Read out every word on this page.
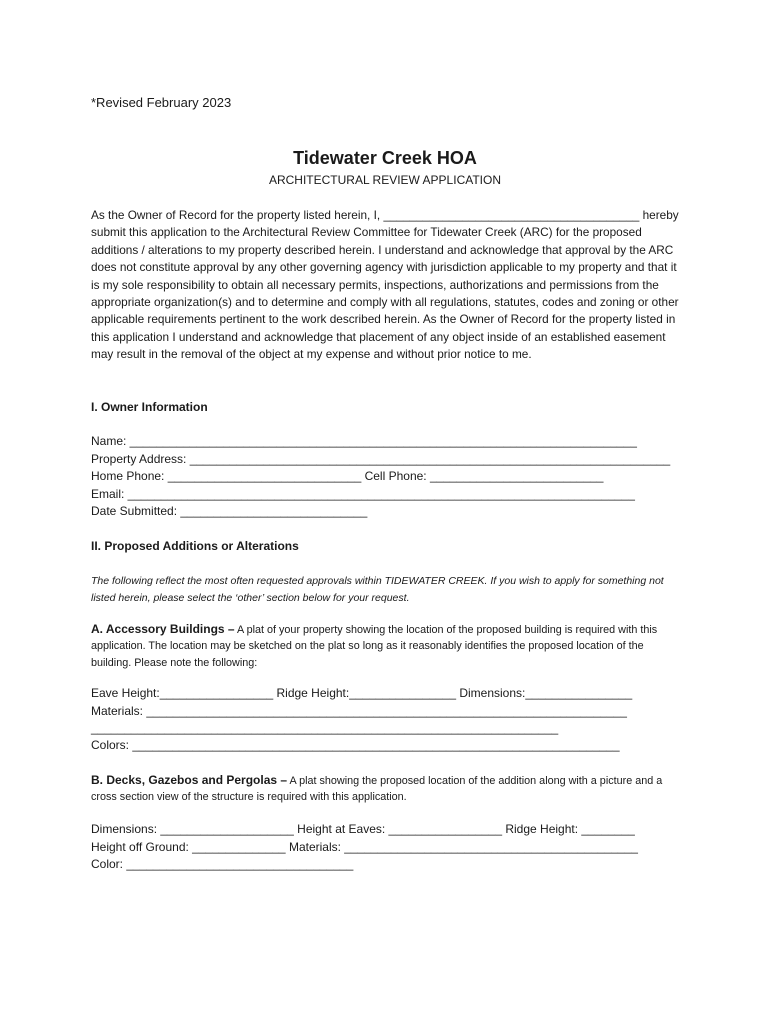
*Revised February 2023
Tidewater Creek HOA
ARCHITECTURAL REVIEW APPLICATION

As the Owner of Record for the property listed herein, I, _______________________________________ hereby submit this application to the Architectural Review Committee for Tidewater Creek (ARC) for the proposed additions / alterations to my property described herein. I understand and acknowledge that approval by the ARC does not constitute approval by any other governing agency with jurisdiction applicable to my property and that it is my sole responsibility to obtain all necessary permits, inspections, authorizations and permissions from the appropriate organization(s) and to determine and comply with all regulations, statutes, codes and zoning or other applicable requirements pertinent to the work described herein. As the Owner of Record for the property listed in this application I understand and acknowledge that placement of any object inside of an established easement may result in the removal of the object at my expense and without prior notice to me.

I. Owner Information
Name: ____________________________________________________________________________
Property Address: ________________________________________________________________________
Home Phone: _____________________________ Cell Phone: __________________________
Email: ____________________________________________________________________________
Date Submitted: ____________________________
II. Proposed Additions or Alterations

The following reflect the most often requested approvals within TIDEWATER CREEK. If you wish to apply for something not listed herein, please select the ‘other’ section below for your request.

A. Accessory Buildings – A plat of your property showing the location of the proposed building is required with this application. The location may be sketched on the plat so long as it reasonably identifies the proposed location of the building. Please note the following:

Eave Height:_________________ Ridge Height:________________ Dimensions:________________
Materials: ________________________________________________________________________
______________________________________________________________________
Colors: _________________________________________________________________________

B. Decks, Gazebos and Pergolas – A plat showing the proposed location of the addition along with a picture and a cross section view of the structure is required with this application.

Dimensions: ____________________ Height at Eaves: _________________ Ridge Height: ________
Height off Ground: ______________ Materials: ____________________________________________
Color: __________________________________
